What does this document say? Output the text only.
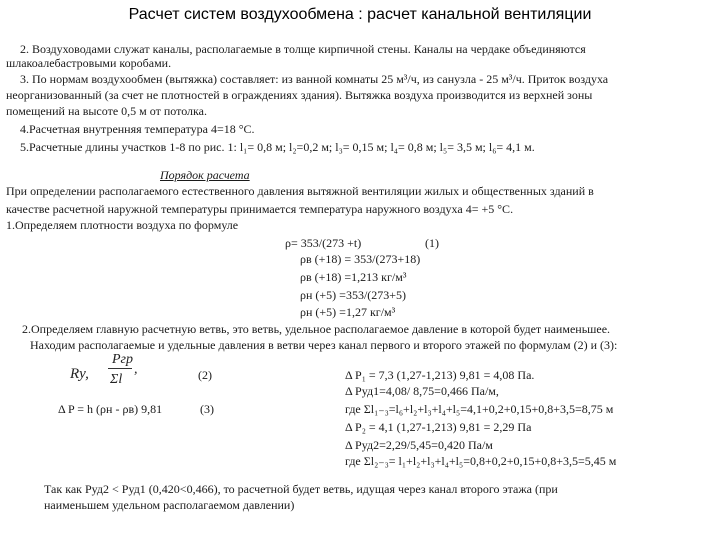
Расчет систем воздухообмена : расчет канальной вентиляции
2. Воздуховодами служат каналы, располагаемые в толще кирпичной стены. Каналы на чердаке объединяются
шлакоалебастровыми коробами.
3. По нормам воздухообмен (вытяжка) составляет: из ванной комнаты 25 м³/ч, из санузла - 25 м³/ч. Приток воздуха
неорганизованный (за счет не плотностей в ограждениях здания). Вытяжка воздуха производится из верхней зоны
помещений на высоте 0,5 м от потолка.
4.Расчетная внутренняя температура 4=18 °С.
5.Расчетные длины участков 1-8 по рис. 1: l₁= 0,8 м; l₂=0,2 м; l₃= 0,15 м; l₄= 0,8 м; l₅= 3,5 м; l₆= 4,1 м.
Порядок расчета
При определении располагаемого естественного давления вытяжной вентиляции жилых и общественных зданий в
качестве расчетной наружной температуры принимается температура наружного воздуха 4= +5 °С.
1.Определяем плотности воздуха по формуле
ρ= 353/(273 +t)	(1)
ρв (+18) = 353/(273+18)
ρв (+18) =1,213 кг/м³
ρн (+5) =353/(273+5)
ρн (+5) =1,27 кг/м³
2.Определяем главную расчетную ветвь, это ветвь, удельное располагаемое давление в которой будет наименьшее.
Находим располагаемые и удельные давления в ветви через канал первого и второго этажей по формулам (2) и (3):
Rу,
Pгр
Σl
,	(2)
Δ P = h (ρн - ρв) 9,81	(3)
Δ P₁ = 7,3 (1,27-1,213) 9,81 = 4,08 Па.
Δ Pуд1=4,08/ 8,75=0,466 Па/м,
где Σl₁₋₃=l₆+l₂+l₃+l₄+l₅=4,1+0,2+0,15+0,8+3,5=8,75 м
Δ P₂ = 4,1 (1,27-1,213) 9,81 = 2,29 Па
Δ Pуд2=2,29/5,45=0,420 Па/м
где Σl₂₋₃= l₁+l₂+l₃+l₄+l₅=0,8+0,2+0,15+0,8+3,5=5,45 м
Так как Pуд2 < Pуд1 (0,420<0,466), то расчетной будет ветвь, идущая через канал второго этажа (при
наименьшем удельном располагаемом давлении)
